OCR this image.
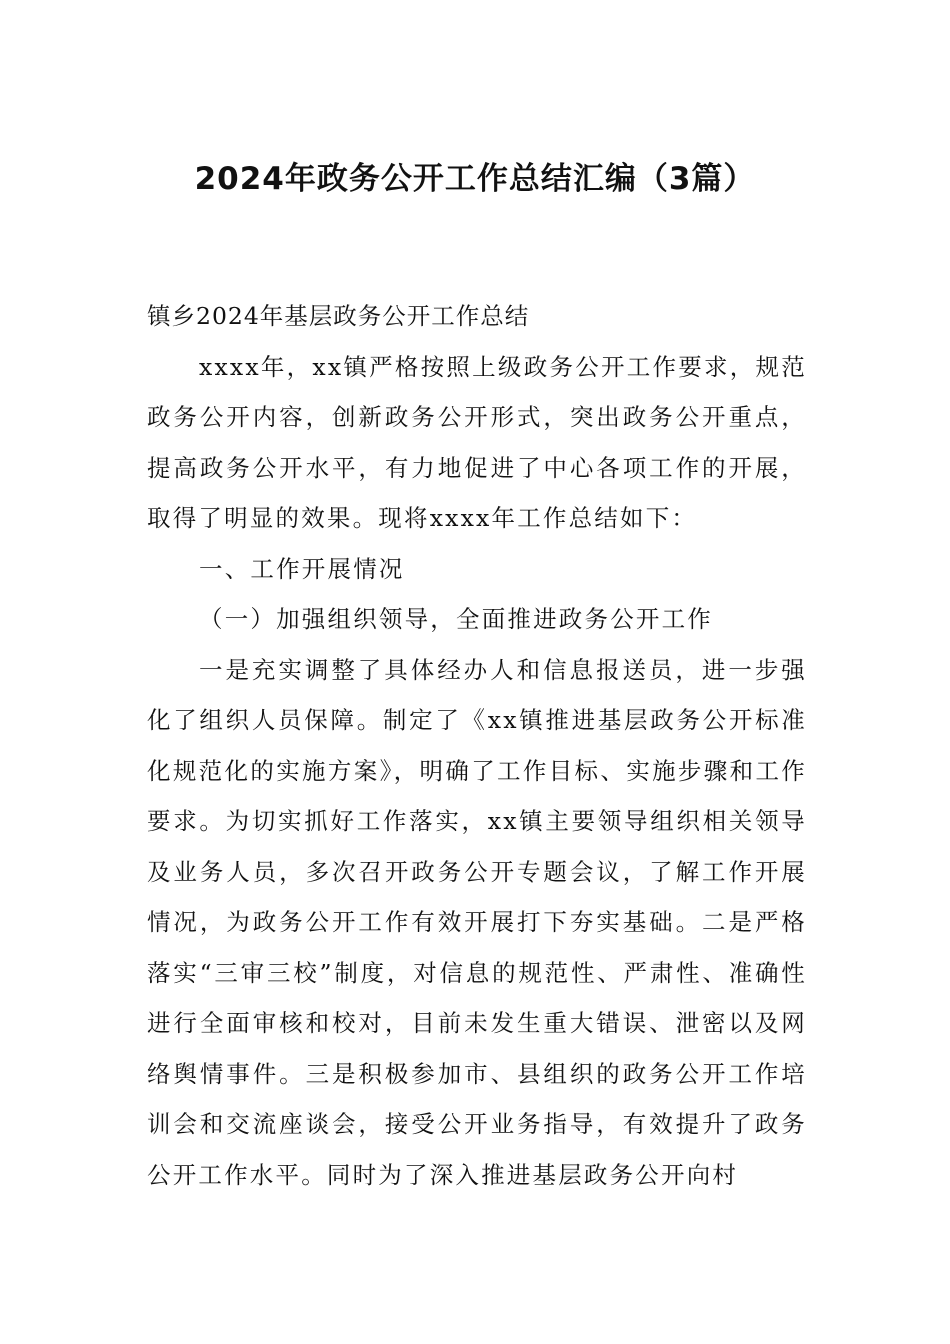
2024年政务公开工作总结汇编（3篇）

镇乡2024年基层政务公开工作总结

xxxx年，xx镇严格按照上级政务公开工作要求，规范政务公开内容，创新政务公开形式，突出政务公开重点，提高政务公开水平，有力地促进了中心各项工作的开展，取得了明显的效果。现将xxxx年工作总结如下：

一、工作开展情况

（一）加强组织领导，全面推进政务公开工作

一是充实调整了具体经办人和信息报送员，进一步强化了组织人员保障。制定了《xx镇推进基层政务公开标准化规范化的实施方案》，明确了工作目标、实施步骤和工作要求。为切实抓好工作落实，xx镇主要领导组织相关领导及业务人员，多次召开政务公开专题会议，了解工作开展情况，为政务公开工作有效开展打下夯实基础。二是严格落实“三审三校”制度，对信息的规范性、严肃性、准确性进行全面审核和校对，目前未发生重大错误、泄密以及网络舆情事件。三是积极参加市、县组织的政务公开工作培训会和交流座谈会，接受公开业务指导，有效提升了政务公开工作水平。同时为了深入推进基层政务公开向村
